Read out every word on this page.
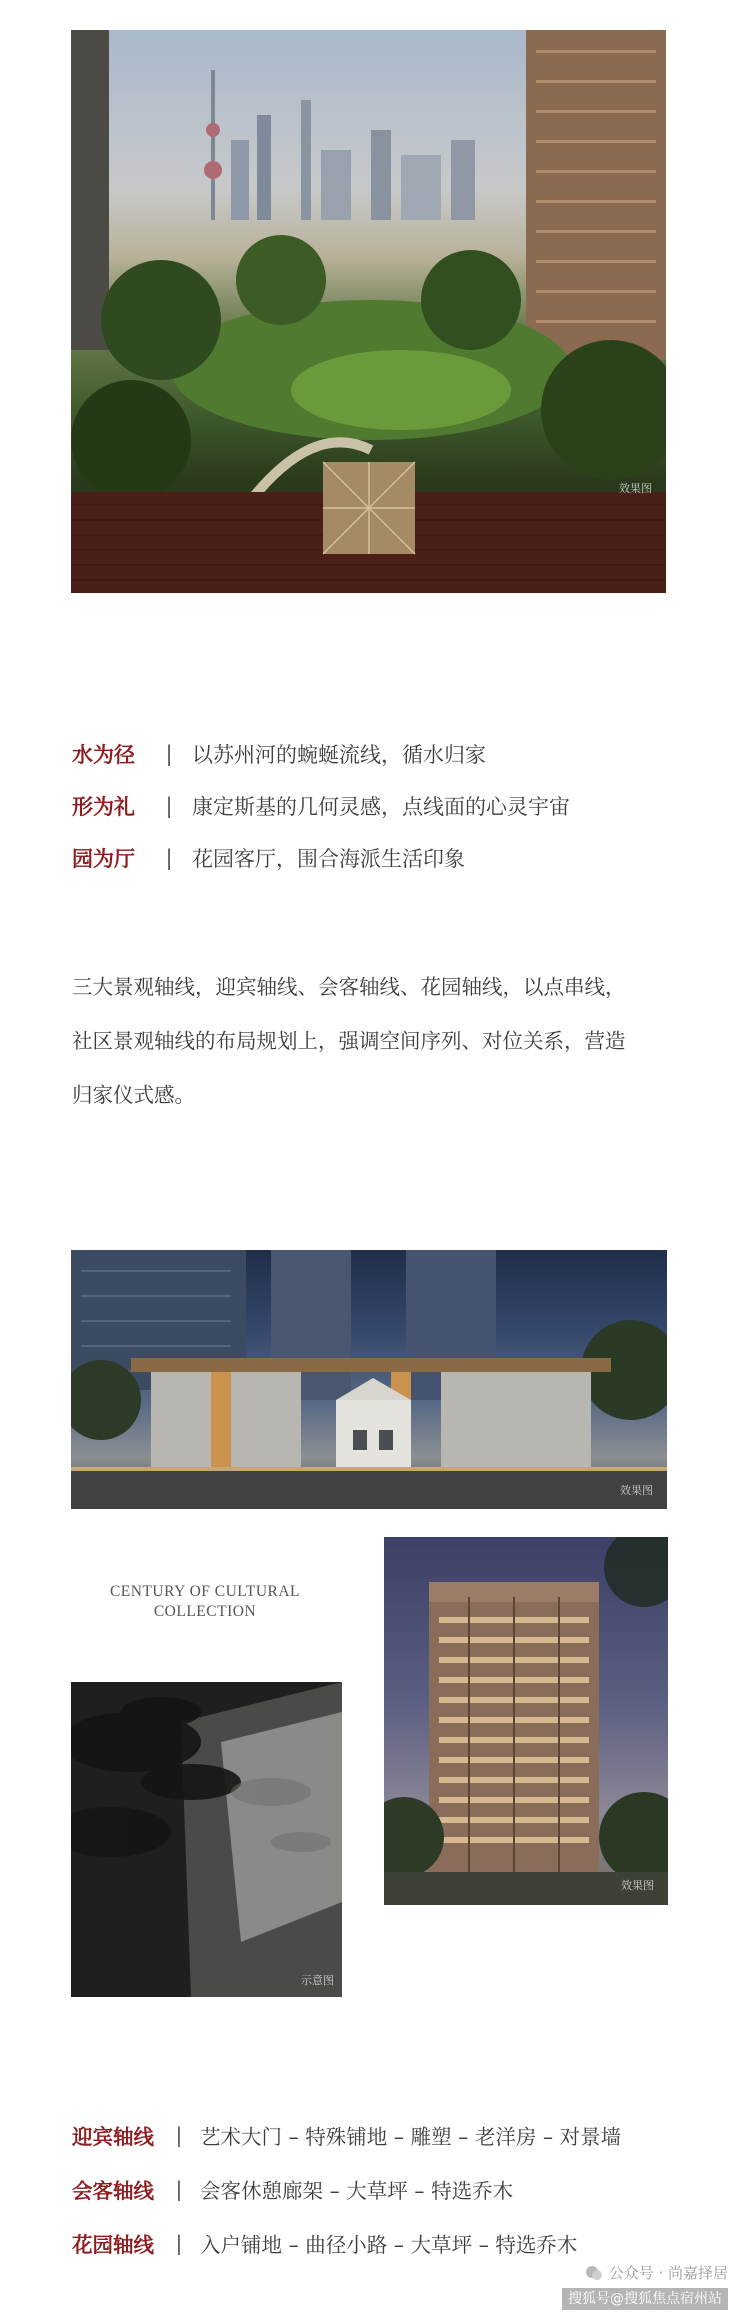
效果图
水为径	| 以苏州河的蜿蜒流线，循水归家
形为礼	| 康定斯基的几何灵感，点线面的心灵宇宙
园为厅	| 花园客厅，围合海派生活印象

三大景观轴线，迎宾轴线、会客轴线、花园轴线，以点串线，

社区景观轴线的布局规划上，强调空间序列、对位关系，营造

归家仪式感。

效果图
CENTURY OF CULTURAL
COLLECTION
效果图
示意图
迎宾轴线	| 艺术大门 – 特殊铺地 – 雕塑 – 老洋房 – 对景墙
会客轴线	| 会客休憩廊架 – 大草坪 – 特选乔木
花园轴线	| 入户铺地 – 曲径小路 – 大草坪 – 特选乔木
公众号 · 尚嘉择居
搜狐号@搜狐焦点宿州站
